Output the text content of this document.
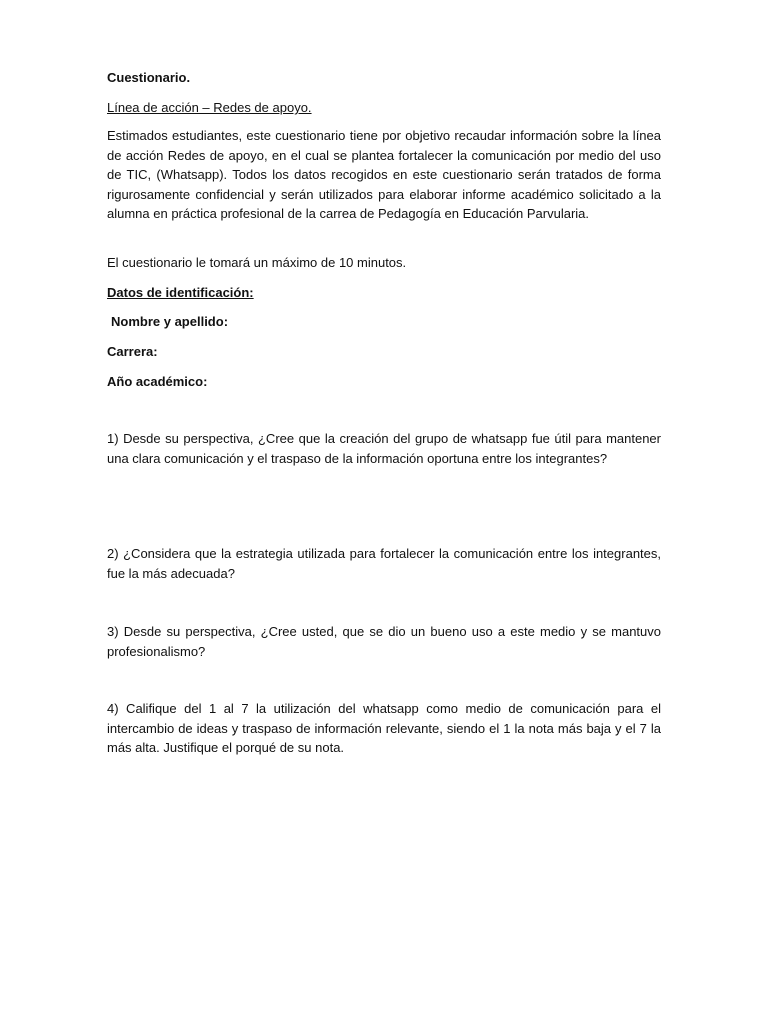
Cuestionario.
Línea de acción – Redes de apoyo.
Estimados estudiantes, este cuestionario tiene por objetivo recaudar información sobre la línea de acción Redes de apoyo, en el cual se plantea fortalecer la comunicación por medio del uso de TIC, (Whatsapp). Todos los datos recogidos en este cuestionario serán tratados de forma rigurosamente confidencial y serán utilizados para elaborar informe académico solicitado a la alumna en práctica profesional de la carrea de Pedagogía en Educación Parvularia.
El cuestionario le tomará un máximo de 10 minutos.
Datos de identificación:
Nombre y apellido:
Carrera:
Año académico:
1) Desde su perspectiva, ¿Cree que la creación del grupo de whatsapp fue útil para mantener una clara comunicación y el traspaso de la información oportuna entre los integrantes?
2) ¿Considera que la estrategia utilizada para fortalecer la comunicación entre los integrantes, fue la más adecuada?
3) Desde su perspectiva, ¿Cree usted, que se dio un bueno uso a este medio y se mantuvo profesionalismo?
4) Califique del 1 al 7 la utilización del whatsapp como medio de comunicación para el intercambio de ideas y traspaso de información relevante, siendo el 1 la nota más baja y el 7 la más alta. Justifique el porqué de su nota.
